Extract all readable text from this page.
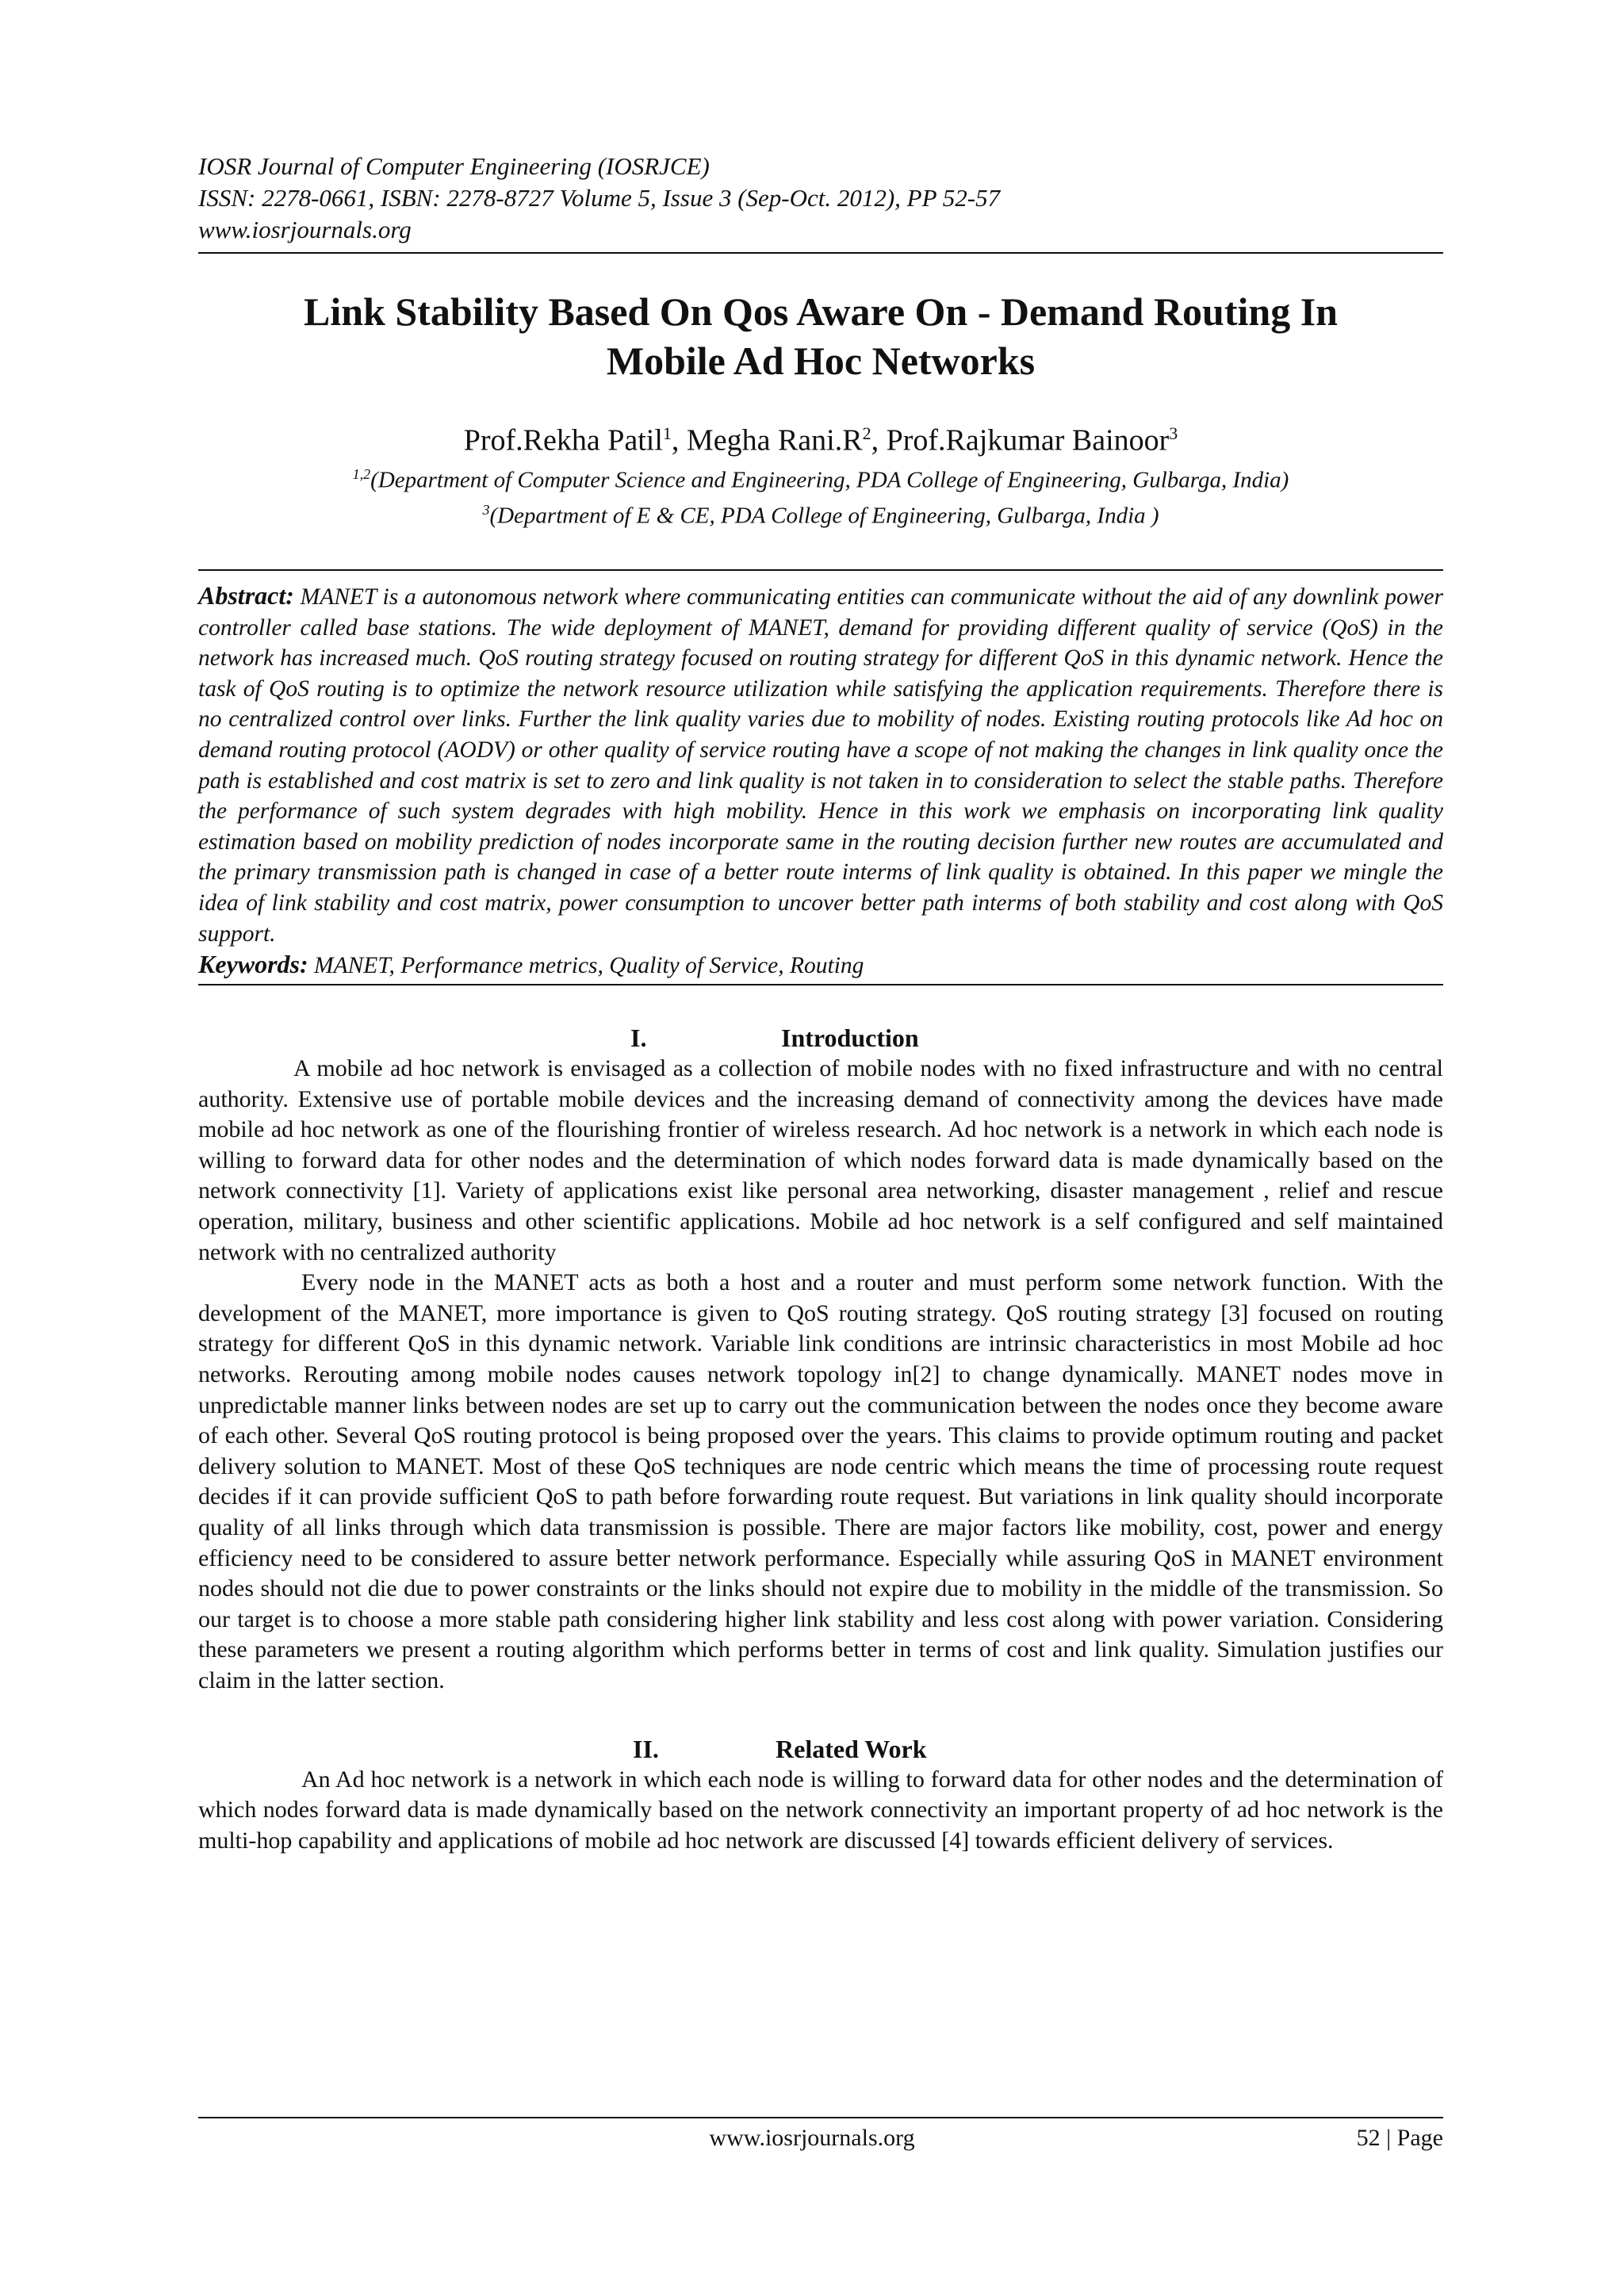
IOSR Journal of Computer Engineering (IOSRJCE)
ISSN: 2278-0661, ISBN: 2278-8727 Volume 5, Issue 3 (Sep-Oct. 2012), PP 52-57
www.iosrjournals.org
Link Stability Based On Qos Aware On - Demand Routing In
Mobile Ad Hoc Networks
Prof.Rekha Patil$^1$, Megha $Rani.R^2$, Prof.Rajkumar Bainoor$^3$
$^{1,2}$(Department of Computer Science and Engineering, PDA College of Engineering, Gulbarga, India)
$^3$(Department of E & CE, PDA College of Engineering, Gulbarga, India )
Abstract: MANET is a autonomous network where communicating entities can communicate without the aid of any downlink power controller called base stations. The wide deployment of MANET, demand for providing different quality of service (QoS) in the network has increased much. QoS routing strategy focused on routing strategy for different QoS in this dynamic network. Hence the task of QoS routing is to optimize the network resource utilization while satisfying the application requirements. Therefore there is no centralized control over links. Further the link quality varies due to mobility of nodes. Existing routing protocols like Ad hoc on demand routing protocol (AODV) or other quality of service routing have a scope of not making the changes in link quality once the path is established and cost matrix is set to zero and link quality is not taken in to consideration to select the stable paths. Therefore the performance of such system degrades with high mobility. Hence in this work we emphasis on incorporating link quality estimation based on mobility prediction of nodes incorporate same in the routing decision further new routes are accumulated and the primary transmission path is changed in case of a better route interms of link quality is obtained. In this paper we mingle the idea of link stability and cost matrix, power consumption to uncover better path interms of both stability and cost along with QoS support.
Keywords: MANET, Performance metrics, Quality of Service, Routing
I.	Introduction

A mobile ad hoc network is envisaged as a collection of mobile nodes with no fixed infrastructure and with no central authority. Extensive use of portable mobile devices and the increasing demand of connectivity among the devices have made mobile ad hoc network as one of the flourishing frontier of wireless research. Ad hoc network is a network in which each node is willing to forward data for other nodes and the determination of which nodes forward data is made dynamically based on the network connectivity [1]. Variety of applications exist like personal area networking, disaster management , relief and rescue operation, military, business and other scientific applications. Mobile ad hoc network is a self configured and self maintained network with no centralized authority

Every node in the MANET acts as both a host and a router and must perform some network function. With the development of the MANET, more importance is given to QoS routing strategy. QoS routing strategy [3] focused on routing strategy for different QoS in this dynamic network. Variable link conditions are intrinsic characteristics in most Mobile ad hoc networks. Rerouting among mobile nodes causes network topology in[2] to change dynamically. MANET nodes move in unpredictable manner links between nodes are set up to carry out the communication between the nodes once they become aware of each other. Several QoS routing protocol is being proposed over the years. This claims to provide optimum routing and packet delivery solution to MANET. Most of these QoS techniques are node centric which means the time of processing route request decides if it can provide sufficient QoS to path before forwarding route request. But variations in link quality should incorporate quality of all links through which data transmission is possible. There are major factors like mobility, cost, power and energy efficiency need to be considered to assure better network performance. Especially while assuring QoS in MANET environment nodes should not die due to power constraints or the links should not expire due to mobility in the middle of the transmission. So our target is to choose a more stable path considering higher link stability and less cost along with power variation. Considering these parameters we present a routing algorithm which performs better in terms of cost and link quality. Simulation justifies our claim in the latter section.

II.	Related Work

An Ad hoc network is a network in which each node is willing to forward data for other nodes and the determination of which nodes forward data is made dynamically based on the network connectivity an important property of ad hoc network is the multi-hop capability and applications of mobile ad hoc network are discussed [4] towards efficient delivery of services.

www.iosrjournals.org	52 | Page
